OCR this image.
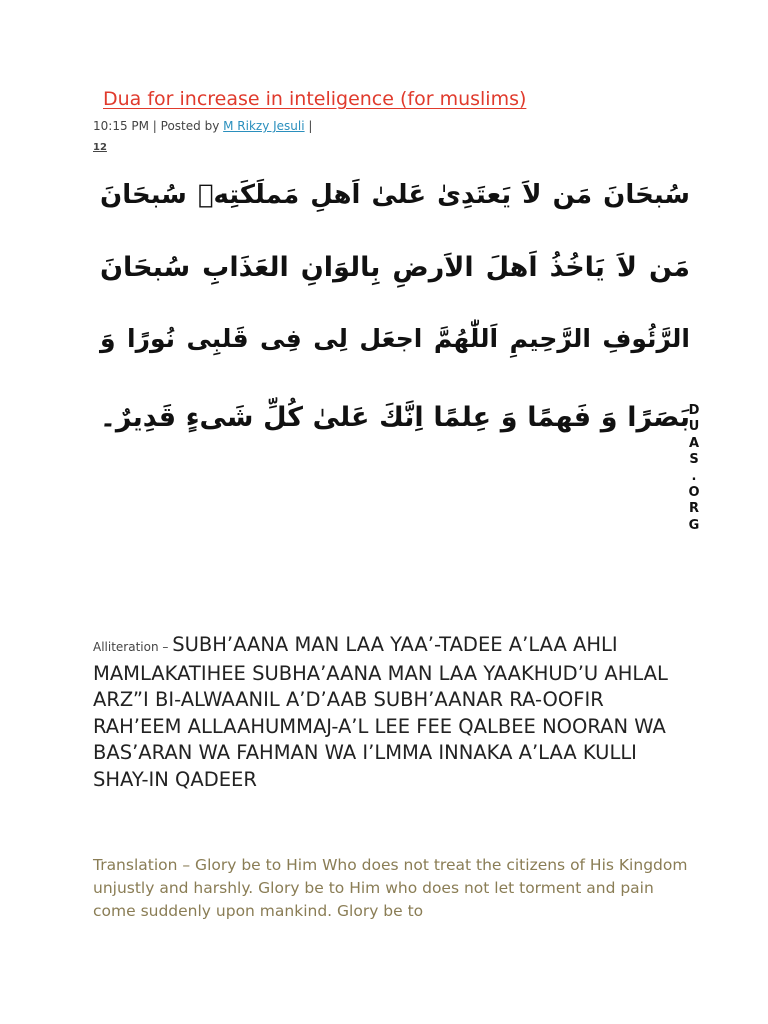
Dua for increase in inteligence (for muslims)
10:15 PM | Posted by M Rikzy Jesuli |
12
سُبحَانَ مَن لاَ يَعتَدِىٰ عَلىٰ اَهلِ مَملَكَتِهٖ سُبحَانَ
مَن لاَ يَاخُذُ اَهلَ الاَرضِ بِالوَانِ العَذَابِ سُبحَانَ
الرَّئُوفِ الرَّحِيمِ اَللّٰهُمَّ اجعَل لِى فِى قَلبِى نُورًا وَ
بَصَرًا وَ فَهمًا وَ عِلمًا اِنَّكَ عَلىٰ كُلِّ شَىءٍ قَدِيرٌ۔
D
U
A
S
.
O
R
G

Alliteration – SUBH’AANA MAN LAA YAA’-TADEE A’LAA AHLI MAMLAKATIHEE SUBHA’AANA MAN LAA YAAKHUD’U AHLAL ARZ”I BI-ALWAANIL A’D’AAB SUBH’AANAR RA-OOFIR RAH’EEM ALLAAHUMMAJ-A’L LEE FEE QALBEE NOORAN WA BAS’ARAN WA FAHMAN WA I’LMMA INNAKA A’LAA KULLI SHAY-IN QADEER

Translation – Glory be to Him Who does not treat the citizens of His Kingdom unjustly and harshly. Glory be to Him who does not let torment and pain come suddenly upon mankind. Glory be to
